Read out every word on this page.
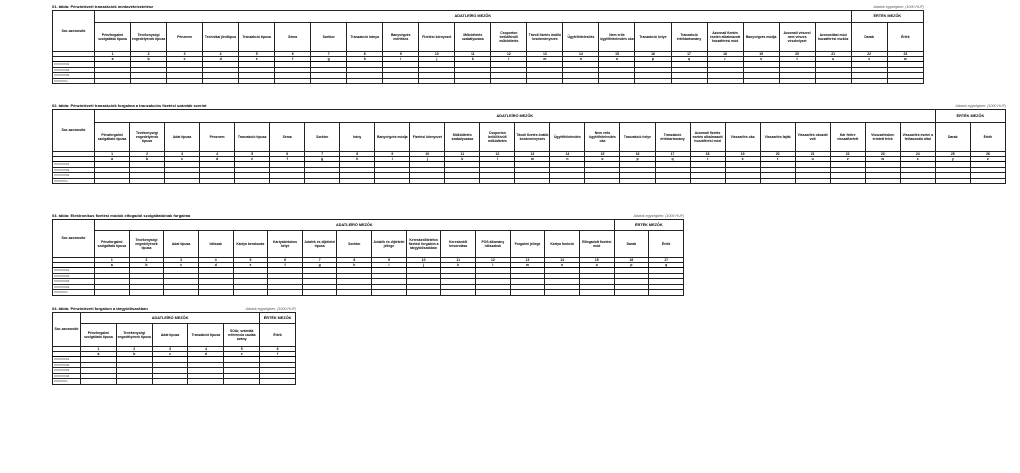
01. tábla: Pénzintézeti tranzakciók mintavételeztetése	Adatok egységben: (1000 HUF)
Sor-azonosító	ADATLEÍRÓ MEZŐK																					ÉRTÉK MEZŐK	
	Pénzforgalmi szolgáltató típusa	Tevékenységi engedélyének típusa	Pénznem	Technikai jövőtípus	Tranzakció típusa	Séma	Szektor	Tranzakció iránya	Banyvégzés mértékea	Fizetési környezet	Működtetés szabályozása	Csoporton belüli/kívüli működtetés	Távoli fizetés önálló kezdeményezés	Ügyfélhitelesítés	Nem erős ügyfélhitelesítés oka	Tranzakció helye	Tranzakció értéktartomány	Azonnali fizetés esetén alkalmazott hozzáférési mód	Banyvégzés módja	Azonnali vészes/ nem vészes vészhelyzet	Azonosítási mód hozzáférési eszköz	Darab	Érték
	1	2	3	4	5	6	7	8	9	10	11	12	13	14	15	16	17	18	19	20	21	22	23
	a	b	c	d	e	f	g	h	i	j	k	l	m	n	o	p	q	r	s	t	u	v	w
XXXXXX01																							
XXXXXX02																							
XXXXXX03																							
XXXXXXn																							
02. tábla: Pénzintézeti tranzakciók forgalma a tranzakciós fizetési számlák szerint	Adatok egységben: (1000 HUF)
Sor-azonosító	ADATLEÍRÓ MEZŐK																								ÉRTÉK MEZŐK	
	Pénzforgalmi szolgáltató típusa	Tevékenységi engedélyének típusa	Adat típusa	Pénznem	Tranzakció típusa	Séma	Szektor	Irány	Banyvégzés módja	Fizetési környezet	Működtetés szabályozása	Csoporton belüli/kívüli működtetés	Távoli fizetés önálló kezdeményezés	Ügyfélhitelesítés	Nem erős ügyfélhitelesítés oka	Tranzakció helye	Tranzakció értéktartomány	Azonnali fizetés esetén alkalmazott hozzáférési mód	Visszaélés oka	Visszaélés fajtái	Visszaélés okozott volt	Kár felére visszafizetett	Visszaélésben érintett felek	Visszaélés esetei a felhasználó által	Darab	Érték
	1	2	3	4	5	6	7	8	9	10	11	12	13	14	15	16	17	18	19	20	21	22	23	24	25	26
	a	b	c	d	e	f	g	h	i	j	k	l	m	n	o	p	q	r	s	t	u	v	w	x	y	z
XXXXXX01																										
XXXXXX02																										
XXXXXX03																										
XXXXXXn																										
03. tábla: Elektronikus fizetési módok elfogadói szolgáltatóinak forgalma	Adatok egységben: (1000 HUF)
Sor-azonosító	ADATLEÍRÓ MEZŐK															ÉRTÉK MEZŐK	
	Pénzforgalmi szolgáltató típusa	Tevékenységi engedélyének típusa	Adat típusa	Időszak	Kártya berakozás	Kártyabirtokos helye	Jutalék és díjtételei típusa	Szektor	Jutalék és díjtételei jellege	Kereskedőtelefon fizetési forgalom a tárgyidőszakban	Kereskedői besorolása	POS állomány időszakok	Forgalmi jellege	Kártya funkció	Elfogadott fizetési mód	Darab	Érték
	1	2	3	4	5	6	7	8	9	10	11	12	13	14	15	16	17
	a	b	c	d	e	f	g	h	i	j	k	l	m	n	o	p	q
XXXXXX01																	
XXXXXX02																	
XXXXXX03																	
XXXXXX04																	
XXXXXXn																	
04. tábla: Pénzintézeti forgalom a tárgyidőszakban	Adatok egységben: (1000 HUF)
Sor-azonosító	ADATLEÍRÓ MEZŐK					ÉRTÉK MEZŐK
	Pénzforgalmi szolgáltató típusa	Tevékenységi engedélyének típusa	Adat típusa	Tranzakció típusa	SOAr, számlák referencia cauláa avány	Érték
	1	2	3	4	5	6
	a	b	c	d	e	f
XXXXXX01						
XXXXXX02						
XXXXXX03						
XXXXXX04						
XXXXXXn						
